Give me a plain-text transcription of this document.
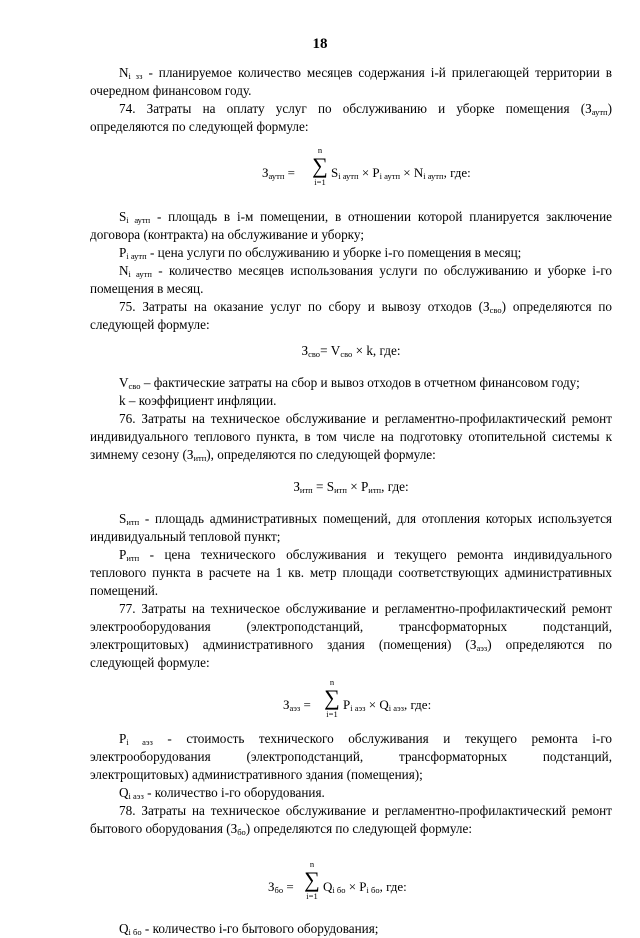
18

$N_{i зз}$ - планируемое количество месяцев содержания i-й прилегающей территории в очередном финансовом году.

74. Затраты на оплату услуг по обслуживанию и уборке помещения $(З_{аутп})$ определяются по следующей формуле:

$З_{аутп}$ =
n
∑
i=1
$S_{i аутп} \times P_{i аутп} \times N_{i аутп}$, где:

$S_{i аутп}$ - площадь в i-м помещении, в отношении которой планируется заключение договора (контракта) на обслуживание и уборку;

$P_{i аутп}$ - цена услуги по обслуживанию и уборке i-го помещения в месяц;

$N_{i аутп}$ - количество месяцев использования услуги по обслуживанию и уборке i-го помещения в месяц.

75. Затраты на оказание услуг по сбору и вывозу отходов $(З_{сво})$ определяются по следующей формуле:

$З_{сво}= V_{сво} \times k$, где:

$V_{сво}$ – фактические затраты на сбор и вывоз отходов в отчетном финансовом году;

k – коэффициент инфляции.

76. Затраты на техническое обслуживание и регламентно-профилактический ремонт индивидуального теплового пункта, в том числе на подготовку отопительной системы к зимнему сезону $(З_{итп})$, определяются по следующей формуле:

$З_{итп} = S_{итп} \times P_{итп}$, где:

$S_{итп}$ - площадь административных помещений, для отопления которых используется индивидуальный тепловой пункт;

$P_{итп}$ - цена технического обслуживания и текущего ремонта индивидуального теплового пункта в расчете на 1 кв. метр площади соответствующих административных помещений.

77. Затраты на техническое обслуживание и регламентно-профилактический ремонт электрооборудования (электроподстанций, трансформаторных подстанций, электрощитовых) административного здания (помещения) $(З_{аэз})$ определяются по следующей формуле:

$З_{аэз}$ =
n
∑
i=1
$P_{i аэз} \times Q_{i аэз}$, где:

$P_{i аэз}$ - стоимость технического обслуживания и текущего ремонта i-го электрооборудования (электроподстанций, трансформаторных подстанций, электрощитовых) административного здания (помещения);

$Q_{i аэз}$ - количество i-го оборудования.

78. Затраты на техническое обслуживание и регламентно-профилактический ремонт бытового оборудования $(З_{бо})$ определяются по следующей формуле:

$З_{бо}$ =
n
∑
i=1
$Q_{i бо} \times P_{i бо}$, где:

$Q_{i бо}$ - количество i-го бытового оборудования;
